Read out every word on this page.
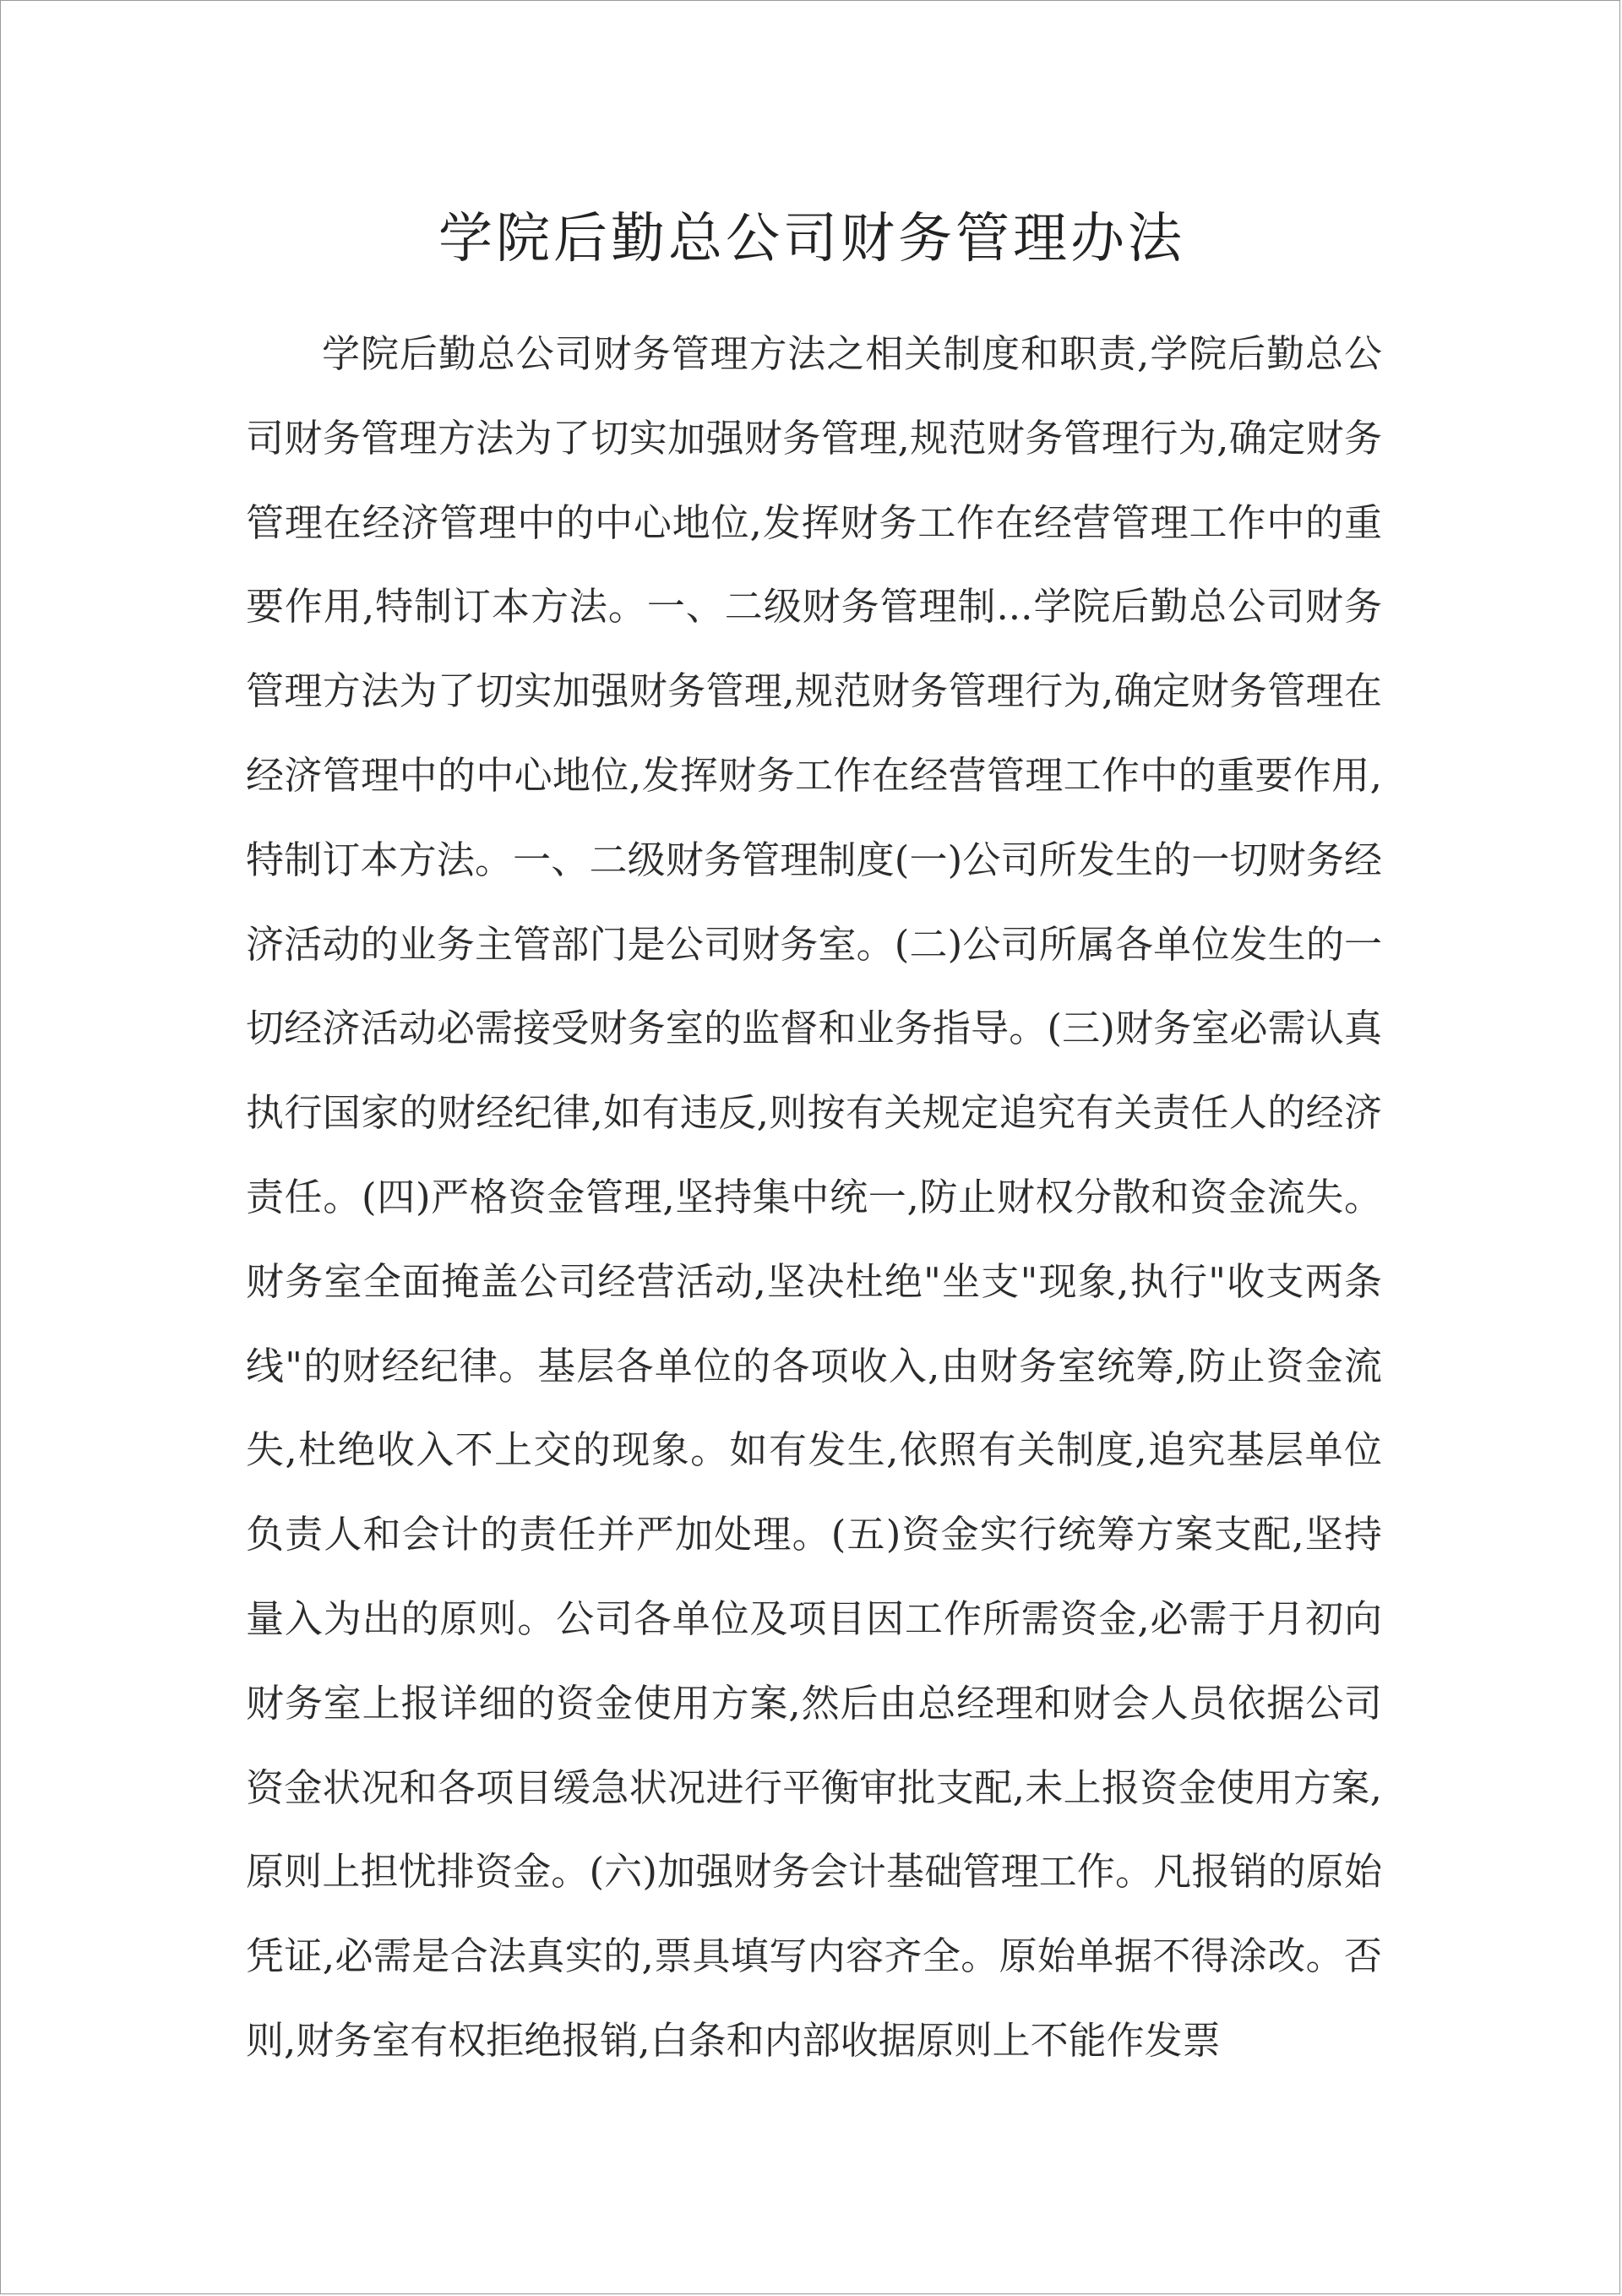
学院后勤总公司财务管理办法

学院后勤总公司财务管理方法之相关制度和职责,学院后勤总公司财务管理方法为了切实加强财务管理,规范财务管理行为,确定财务管理在经济管理中的中心地位,发挥财务工作在经营管理工作中的重要作用,特制订本方法。一、二级财务管理制...学院后勤总公司财务管理方法为了切实加强财务管理,规范财务管理行为,确定财务管理在经济管理中的中心地位,发挥财务工作在经营管理工作中的重要作用,特制订本方法。一、二级财务管理制度(一)公司所发生的一切财务经济活动的业务主管部门是公司财务室。(二)公司所属各单位发生的一切经济活动必需接受财务室的监督和业务指导。(三)财务室必需认真执行国家的财经纪律,如有违反,则按有关规定追究有关责任人的经济责任。(四)严格资金管理,坚持集中统一,防止财权分散和资金流失。财务室全面掩盖公司经营活动,坚决杜绝"坐支"现象,执行"收支两条线"的财经纪律。基层各单位的各项收入,由财务室统筹,防止资金流失,杜绝收入不上交的现象。如有发生,依照有关制度,追究基层单位负责人和会计的责任并严加处理。(五)资金实行统筹方案支配,坚持量入为出的原则。公司各单位及项目因工作所需资金,必需于月初向财务室上报详细的资金使用方案,然后由总经理和财会人员依据公司资金状况和各项目缓急状况进行平衡审批支配,未上报资金使用方案,原则上担忧排资金。(六)加强财务会计基础管理工作。凡报销的原始凭证,必需是合法真实的,票具填写内容齐全。原始单据不得涂改。否则,财务室有权拒绝报销,白条和内部收据原则上不能作发票
